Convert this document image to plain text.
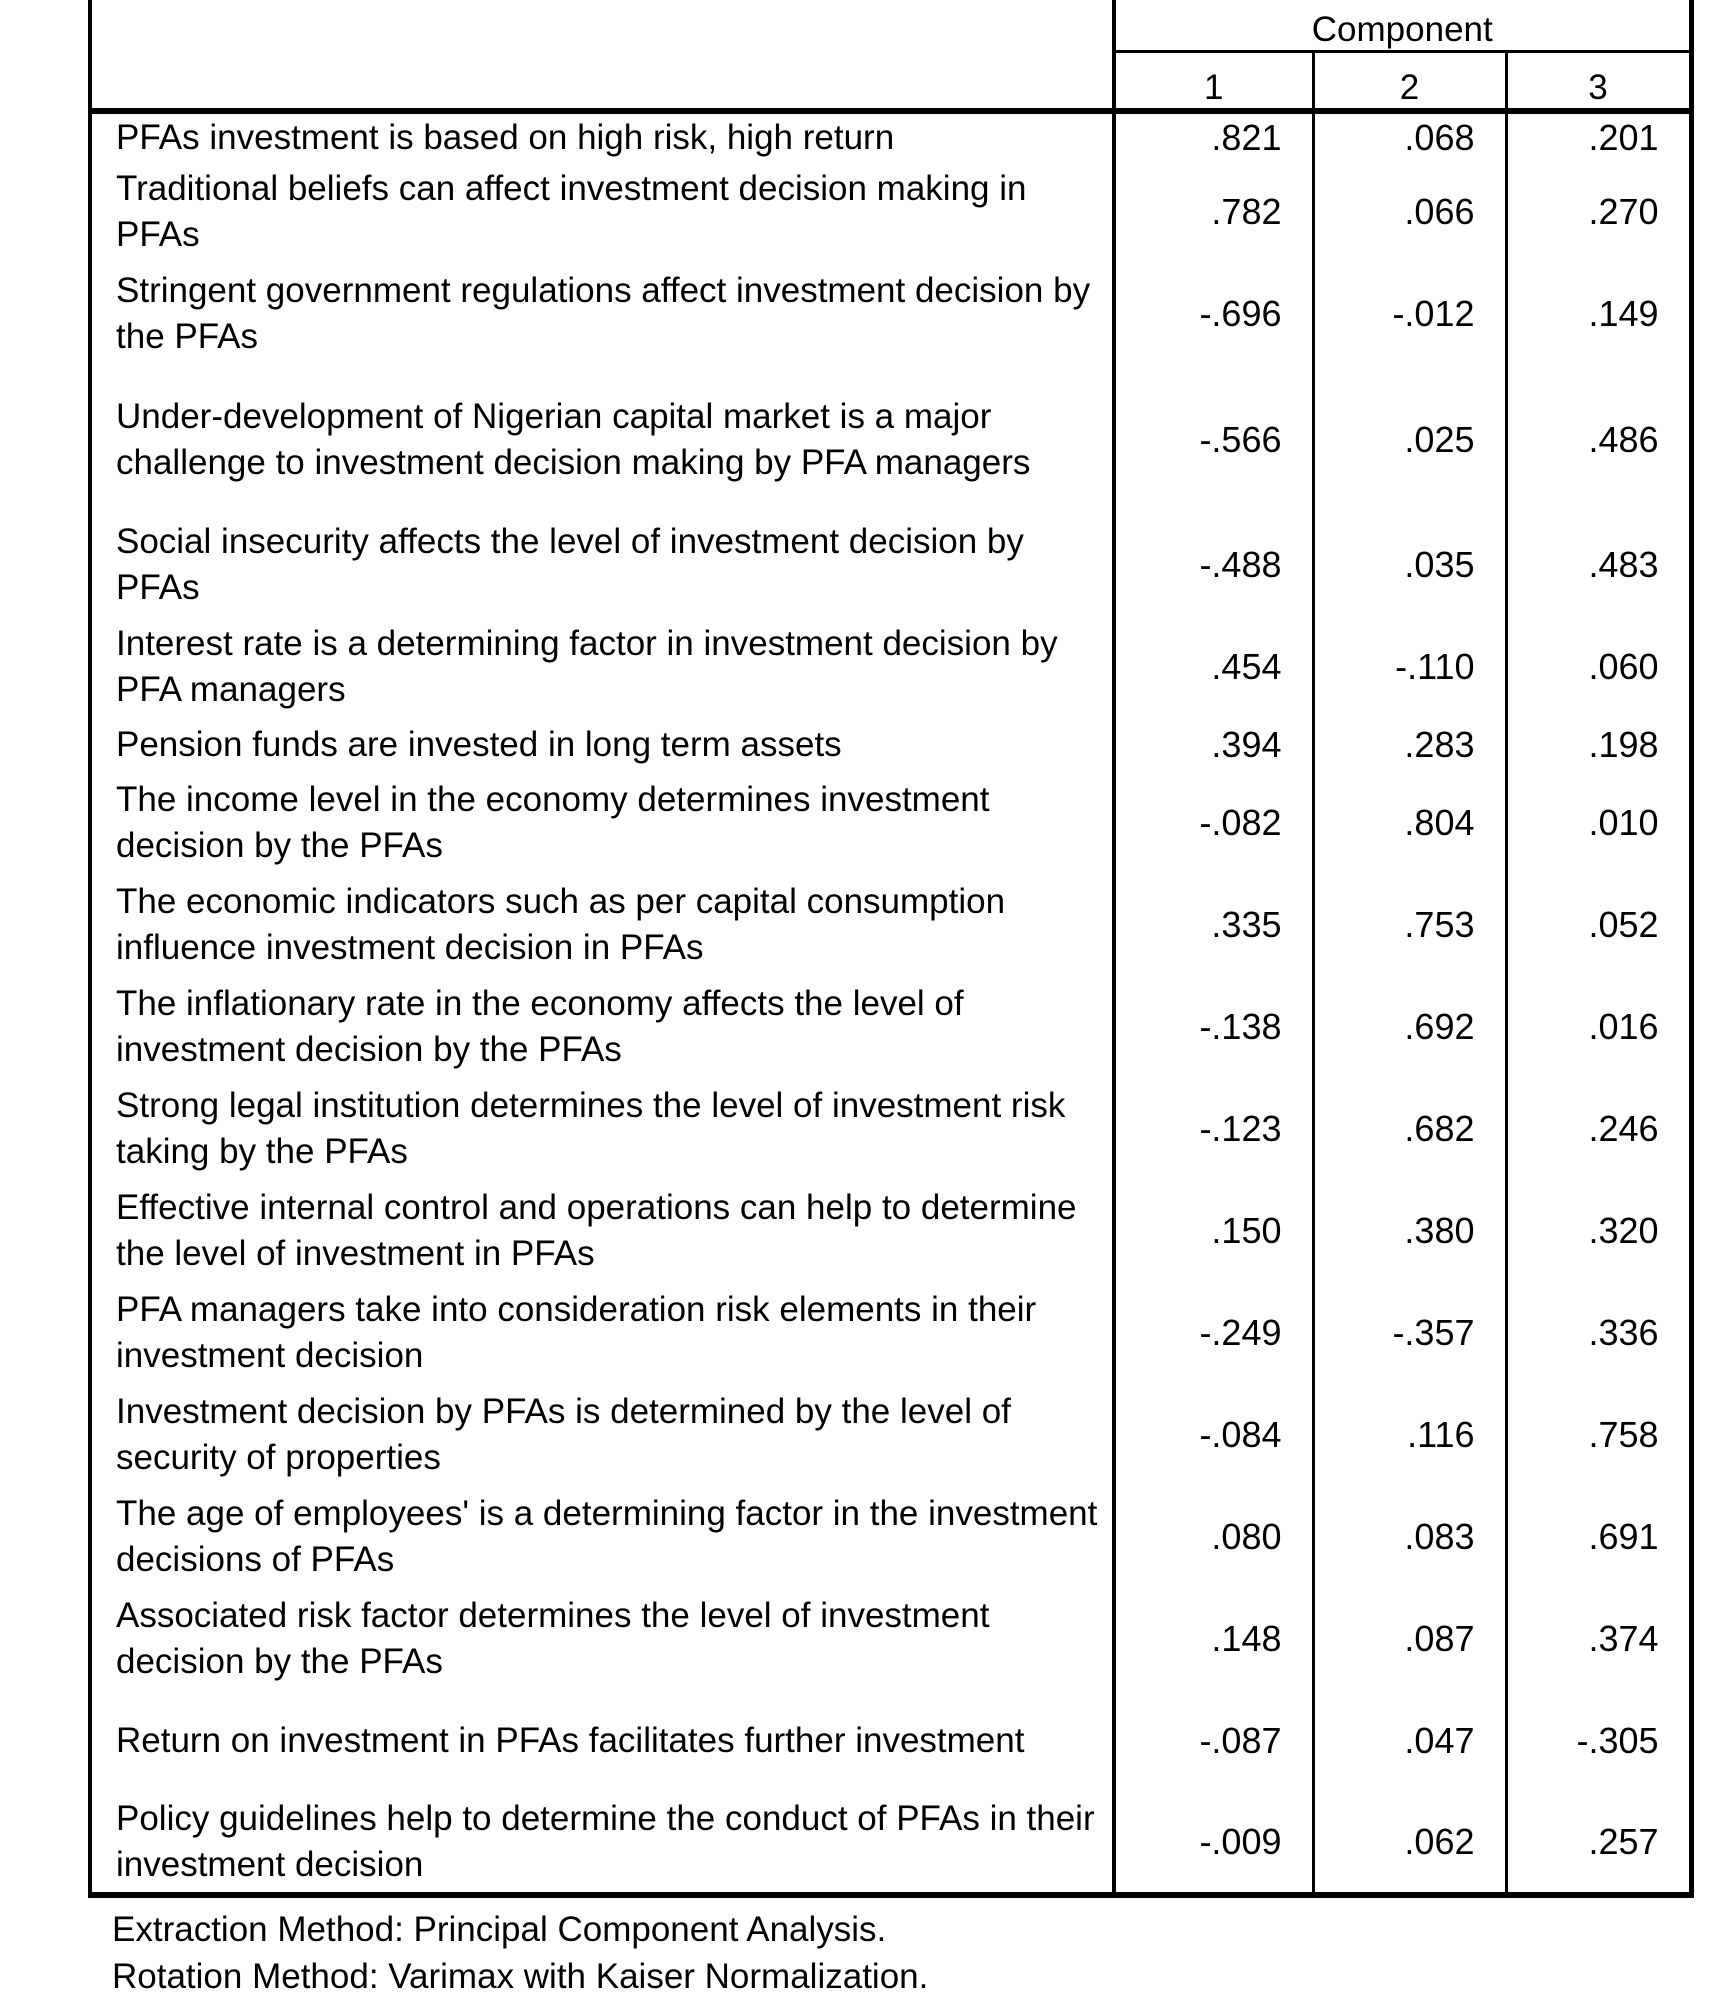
	Component		
	1	2	3
PFAs investment is based on high risk, high return	.821	.068	.201
Traditional beliefs can affect investment decision making in PFAs	.782	.066	.270
Stringent government regulations affect investment decision by the PFAs	-.696	-.012	.149
Under-development of Nigerian capital market is a major challenge to investment decision making by PFA managers	-.566	.025	.486
Social insecurity affects the level of investment decision by PFAs	-.488	.035	.483
Interest rate is a determining factor in investment decision by PFA managers	.454	-.110	.060
Pension funds are invested in long term assets	.394	.283	.198
The income level in the economy determines investment decision by the PFAs	-.082	.804	.010
The economic indicators such as per capital consumption influence investment decision in PFAs	.335	.753	.052
The inflationary rate in the economy affects the level of investment decision by the PFAs	-.138	.692	.016
Strong legal institution determines the level of investment risk taking by the PFAs	-.123	.682	.246
Effective internal control and operations can help to determine the level of investment in PFAs	.150	.380	.320
PFA managers take into consideration risk elements in their investment decision	-.249	-.357	.336
Investment decision by PFAs is determined by the level of security of properties	-.084	.116	.758
The age of employees' is a determining factor in the investment decisions of PFAs	.080	.083	.691
Associated risk factor determines the level of investment decision by the PFAs	.148	.087	.374
Return on investment in PFAs facilitates further investment	-.087	.047	-.305
Policy guidelines help to determine the conduct of PFAs in their investment decision	-.009	.062	.257
Extraction Method: Principal Component Analysis.
Rotation Method: Varimax with Kaiser Normalization.
